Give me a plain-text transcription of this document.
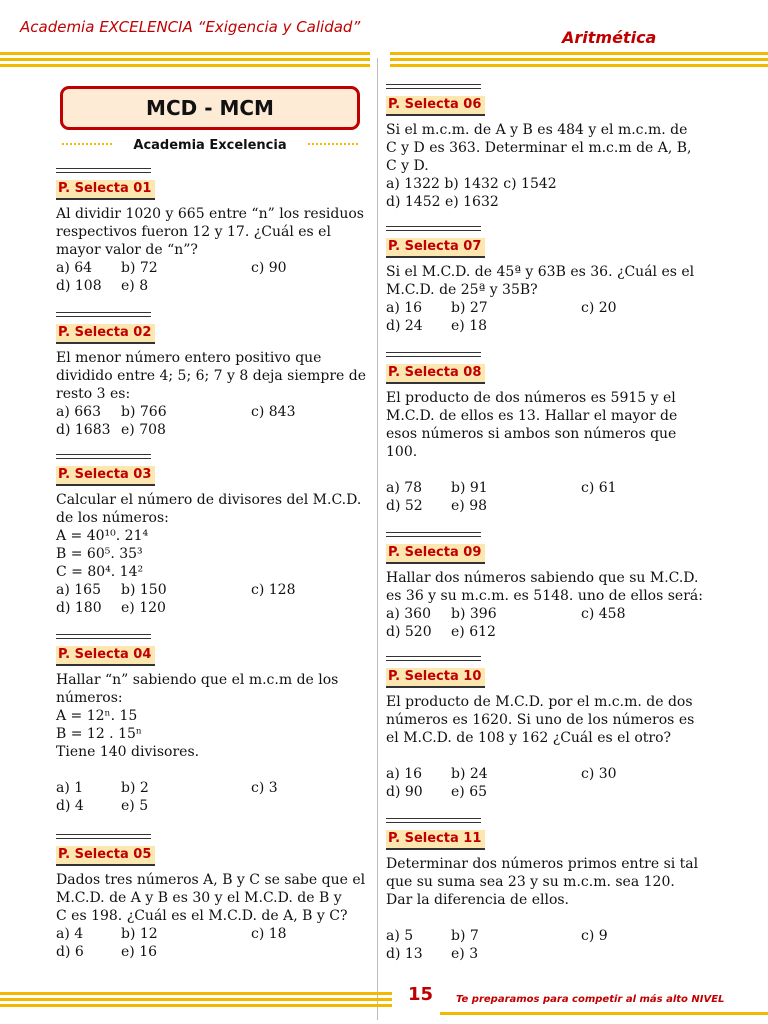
Academia EXCELENCIA “Exigencia y Calidad”
Aritmética
MCD - MCM
Academia Excelencia
P. Selecta 01

Al dividir 1020 y 665 entre “n” los residuos

respectivos fueron 12 y 17. ¿Cuál es el

mayor valor de “n”?

a) 64 b) 72	c) 90
d) 108 e) 8
P. Selecta 02

El menor número entero positivo que

dividido entre 4; 5; 6; 7 y 8 deja siempre de

resto 3 es:

a) 663 b) 766	c) 843
d) 1683 e) 708
P. Selecta 03

Calcular el número de divisores del M.C.D.

de los números:

A = 40¹⁰. 21⁴

B = 60⁵. 35³

C = 80⁴. 14²

a) 165 b) 150	c) 128
d) 180 e) 120
P. Selecta 04

Hallar “n” sabiendo que el m.c.m de los

números:

A = 12ⁿ. 15

B = 12 . 15ⁿ

Tiene 140 divisores.

a) 1	b) 2	c) 3
d) 4	e) 5
P. Selecta 05

Dados tres números A, B y C se sabe que el

M.C.D. de A y B es 30 y el M.C.D. de B y

C es 198. ¿Cuál es el M.C.D. de A, B y C?

a) 4	b) 12	c) 18
d) 6	e) 16
P. Selecta 06

Si el m.c.m. de A y B es 484 y el m.c.m. de

C y D es 363. Determinar el m.c.m de A, B,

C y D.

a) 1322 b) 1432 c) 1542
d) 1452 e) 1632
P. Selecta 07

Si el M.C.D. de 45ª y 63B es 36. ¿Cuál es el

M.C.D. de 25ª y 35B?

a) 16 b) 27	c) 20
d) 24 e) 18
P. Selecta 08

El producto de dos números es 5915 y el

M.C.D. de ellos es 13. Hallar el mayor de

esos números si ambos son números que

100.

a) 78 b) 91	c) 61
d) 52 e) 98
P. Selecta 09

Hallar dos números sabiendo que su M.C.D.

es 36 y su m.c.m. es 5148. uno de ellos será:

a) 360 b) 396	c) 458
d) 520 e) 612
P. Selecta 10

El producto de M.C.D. por el m.c.m. de dos

números es 1620. Si uno de los números es

el M.C.D. de 108 y 162 ¿Cuál es el otro?

a) 16 b) 24	c) 30
d) 90 e) 65
P. Selecta 11

Determinar dos números primos entre si tal

que su suma sea 23 y su m.c.m. sea 120.

Dar la diferencia de ellos.

a) 5	b) 7	c) 9
d) 13 e) 3
15 Te preparamos para competir al más alto NIVEL
